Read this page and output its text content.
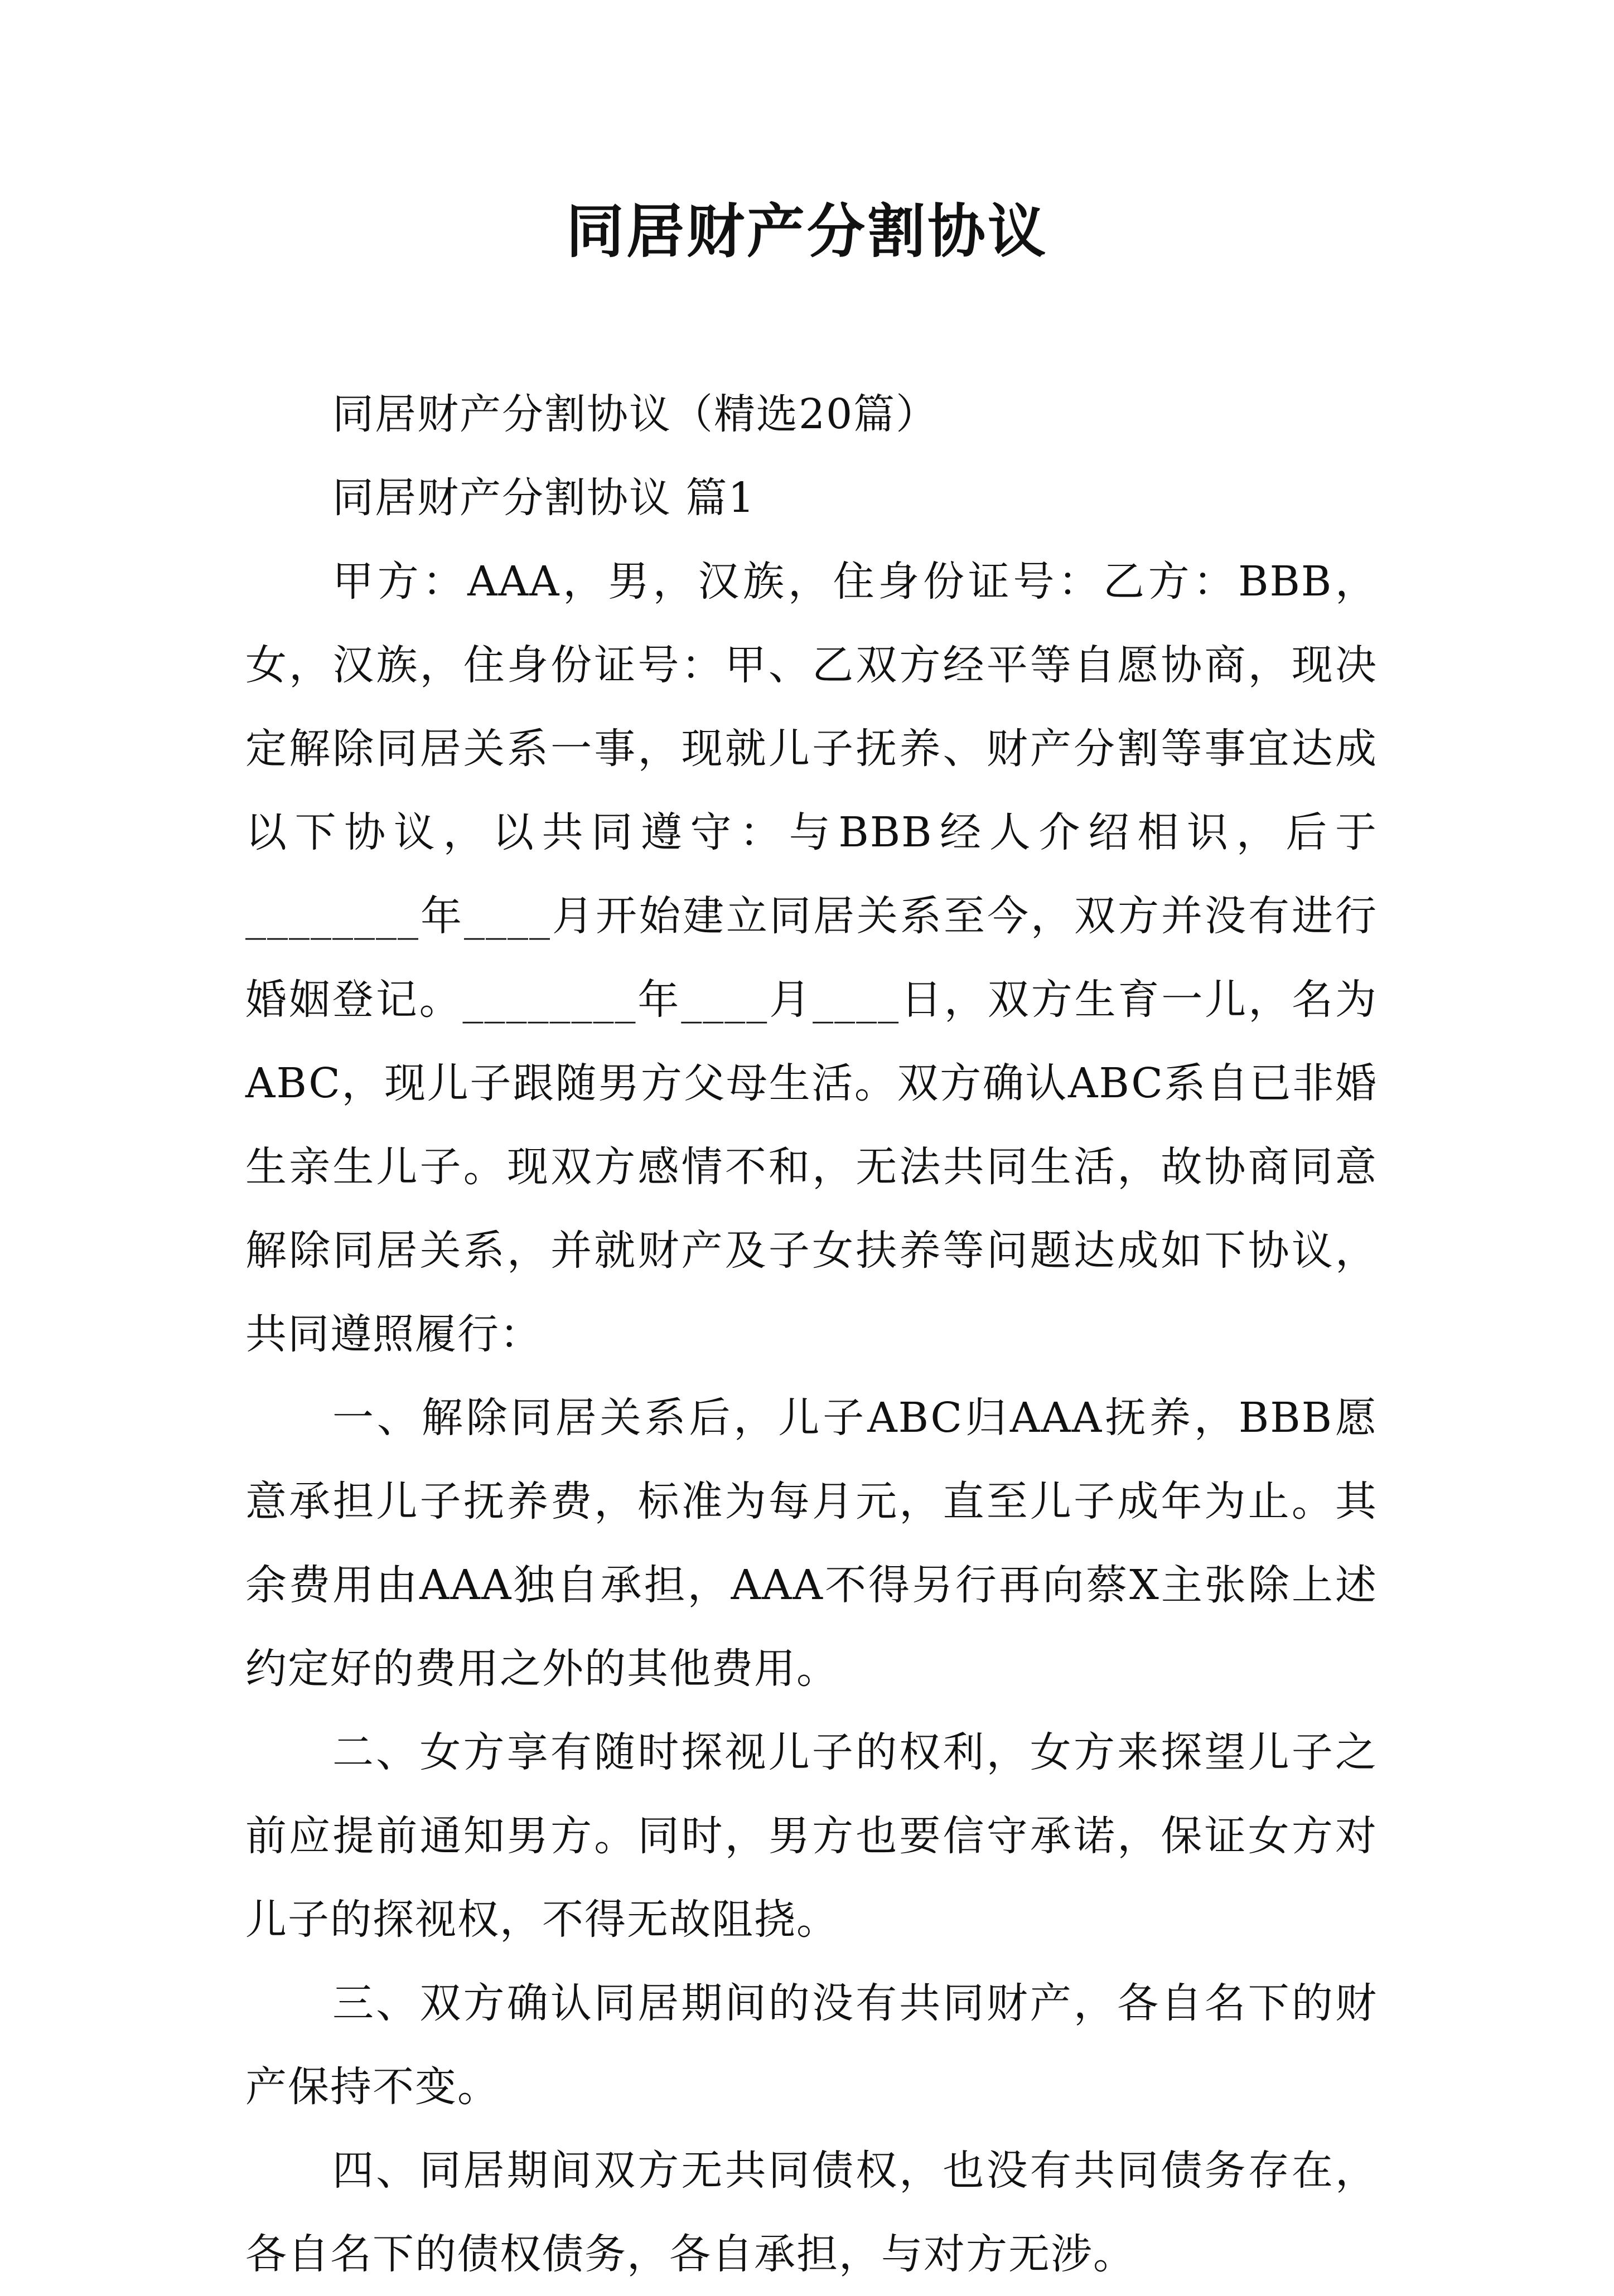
同居财产分割协议

同居财产分割协议（精选20篇）

同居财产分割协议 篇1

甲方：AAA，男，汉族，住身份证号：乙方：BBB，女，汉族，住身份证号：甲、乙双方经平等自愿协商，现决定解除同居关系一事，现就儿子抚养、财产分割等事宜达成以下协议，以共同遵守：与BBB经人介绍相识，后于________年____月开始建立同居关系至今，双方并没有进行婚姻登记。________年____月____日，双方生育一儿，名为ABC，现儿子跟随男方父母生活。双方确认ABC系自已非婚生亲生儿子。现双方感情不和，无法共同生活，故协商同意解除同居关系，并就财产及子女扶养等问题达成如下协议，共同遵照履行：

一、解除同居关系后，儿子ABC归AAA抚养，BBB愿意承担儿子抚养费，标准为每月元，直至儿子成年为止。其余费用由AAA独自承担，AAA不得另行再向蔡X主张除上述约定好的费用之外的其他费用。

二、女方享有随时探视儿子的权利，女方来探望儿子之前应提前通知男方。同时，男方也要信守承诺，保证女方对儿子的探视权，不得无故阻挠。

三、双方确认同居期间的没有共同财产，各自名下的财产保持不变。

四、同居期间双方无共同债权，也没有共同债务存在，各自名下的债权债务，各自承担，与对方无涉。
